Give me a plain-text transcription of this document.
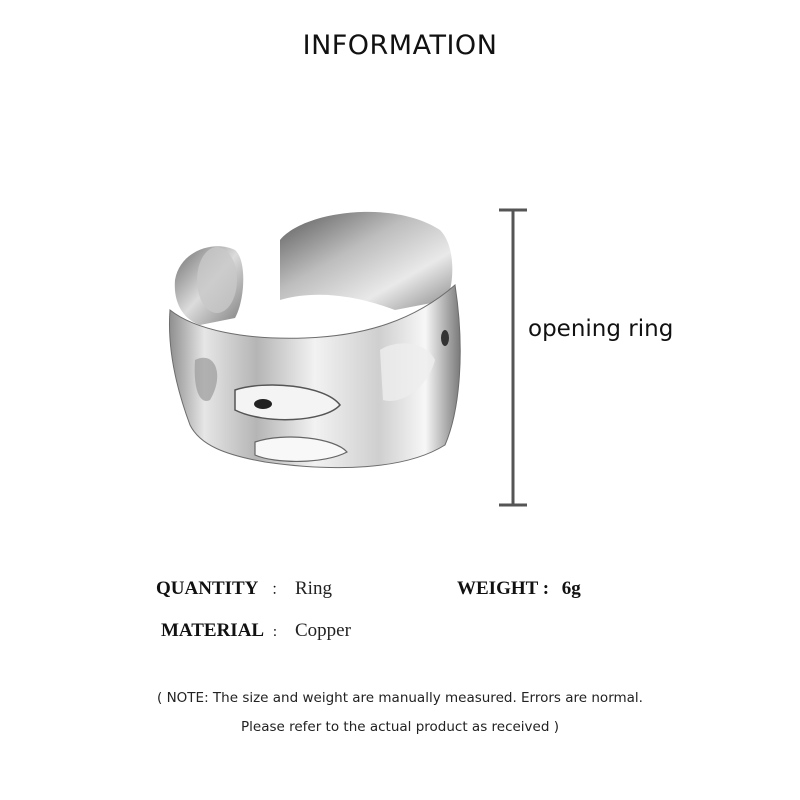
INFORMATION
opening ring
QUANTITY ： Ring	WEIGHT : 6g
MATERIAL : Copper
( NOTE: The size and weight are manually measured. Errors are normal.
Please refer to the actual product as received )
